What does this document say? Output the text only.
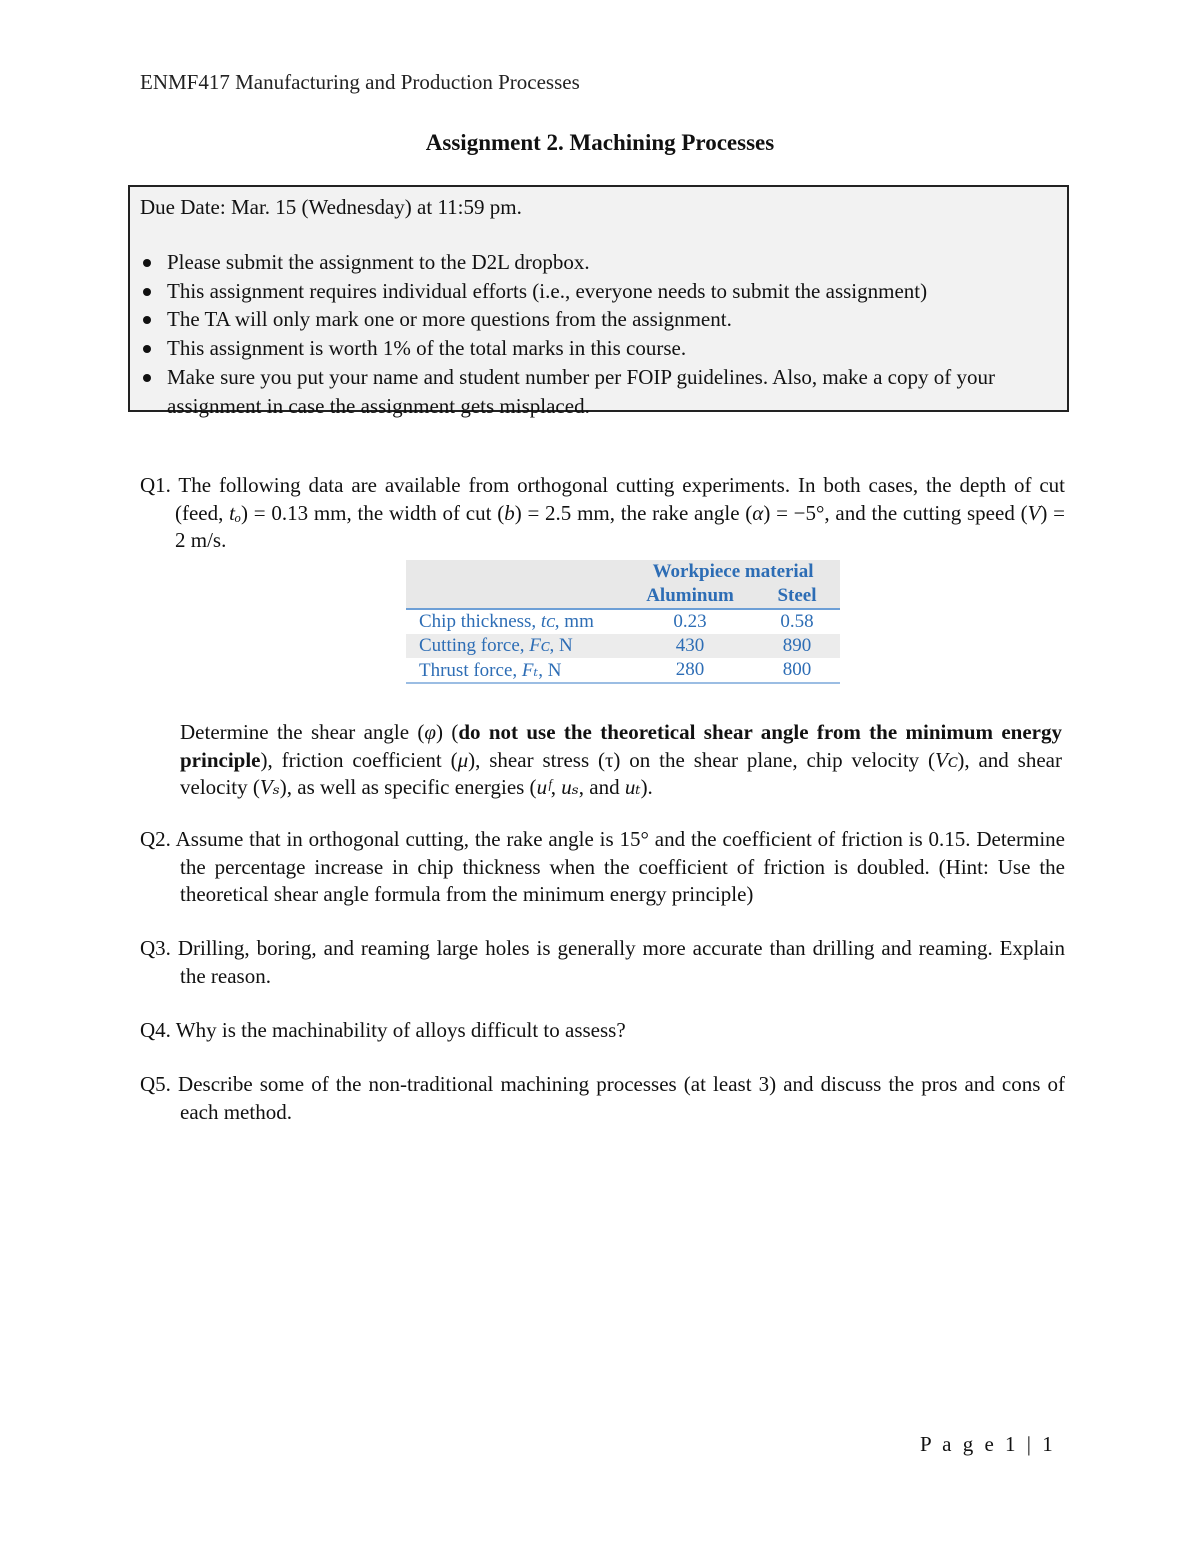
ENMF417 Manufacturing and Production Processes
Assignment 2. Machining Processes

Due Date: Mar. 15 (Wednesday) at 11:59 pm.

Please submit the assignment to the D2L dropbox.
This assignment requires individual efforts (i.e., everyone needs to submit the assignment)
The TA will only mark one or more questions from the assignment.
This assignment is worth 1% of the total marks in this course.
Make sure you put your name and student number per FOIP guidelines. Also, make a copy of your assignment in case the assignment gets misplaced.
Q1. The following data are available from orthogonal cutting experiments. In both cases, the depth of cut (feed, tₒ) = 0.13 mm, the width of cut (b) = 2.5 mm, the rake angle (α) = −5°, and the cutting speed (V) = 2 m/s.
	Workpiece material	
	Aluminum	Steel
Chip thickness, tᴄ, mm	0.23	0.58
Cutting force, Fᴄ, N	430	890
Thrust force, Fₜ, N	280	800
Determine the shear angle (φ) (do not use the theoretical shear angle from the minimum energy principle), friction coefficient (μ), shear stress (τ) on the shear plane, chip velocity (Vᴄ), and shear velocity (Vₛ), as well as specific energies (uᶠ, uₛ, and uₜ).
Q2. Assume that in orthogonal cutting, the rake angle is 15° and the coefficient of friction is 0.15. Determine the percentage increase in chip thickness when the coefficient of friction is doubled. (Hint: Use the theoretical shear angle formula from the minimum energy principle)
Q3. Drilling, boring, and reaming large holes is generally more accurate than drilling and reaming. Explain the reason.
Q4. Why is the machinability of alloys difficult to assess?
Q5. Describe some of the non-traditional machining processes (at least 3) and discuss the pros and cons of each method.
P a g e 1 | 1
